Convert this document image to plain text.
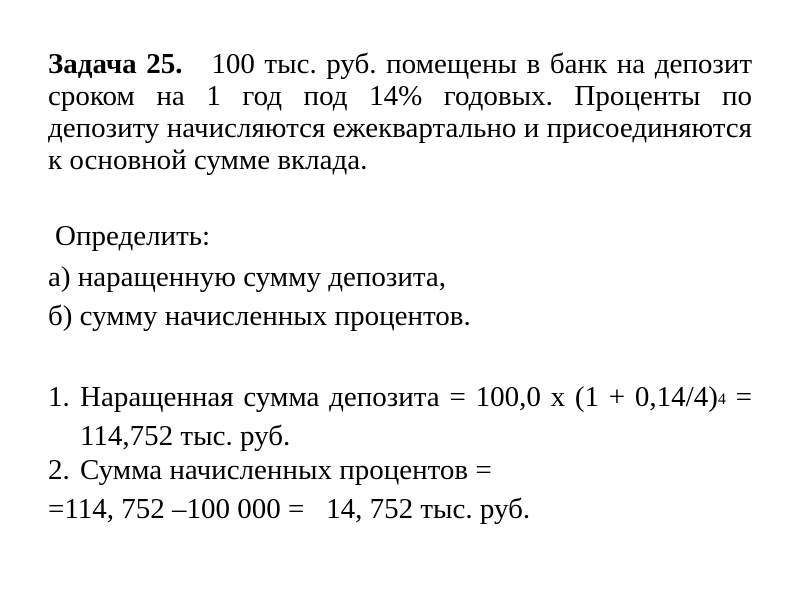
Задача 25. 100 тыс. руб. помещены в банк на депозит сроком на 1 год под 14% годовых. Проценты по депозиту начисляются ежеквартально и присоединяются к основной сумме вклада.
Определить:
а) наращенную сумму депозита,
б) сумму начисленных процентов.
1. Наращенная сумма депозита = 100,0 х (1 + 0,14/4)4 = 114,752 тыс. руб.
2. Сумма начисленных процентов =
=114, 752 –100 000 =   14, 752 тыс. руб.
